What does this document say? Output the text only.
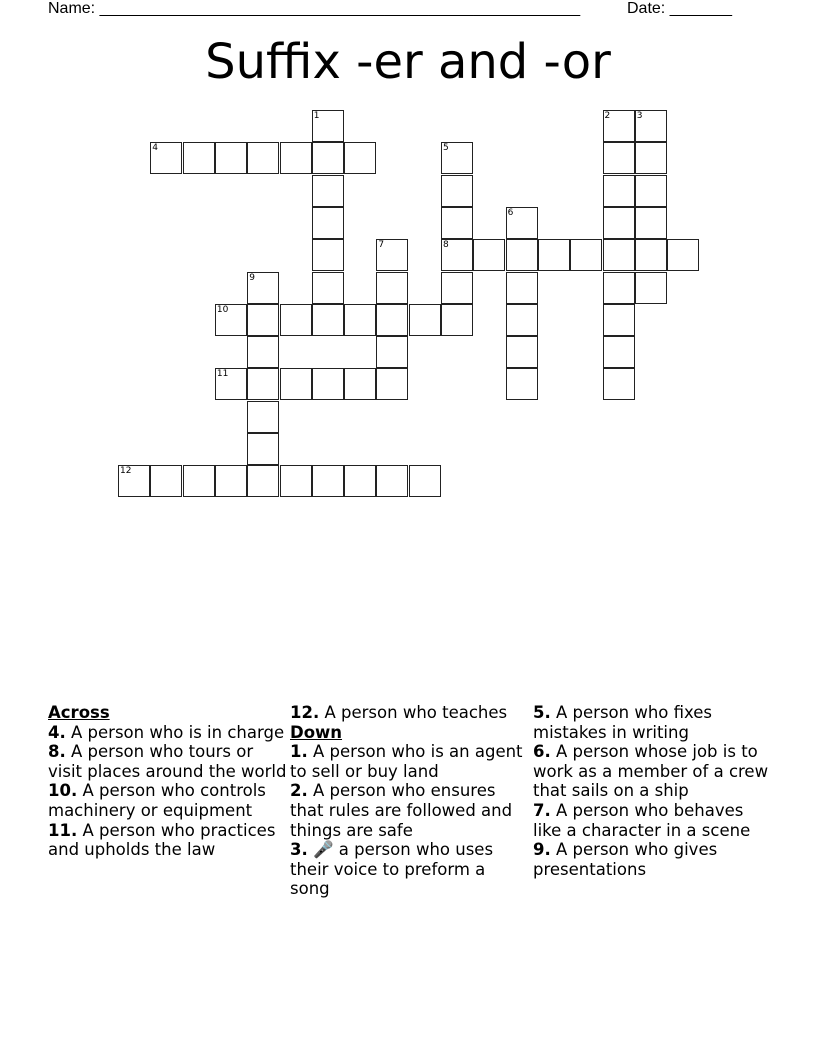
Name: ______________________________________________________	Date: _______
Suffix -er and -or
1	2	3
4	5
8
6
7
9
10
11
12
Across
4. A person who is in charge
8. A person who tours or visit places around the world
10. A person who controls machinery or equipment
11. A person who practices and upholds the law
12. A person who teaches
Down
1. A person who is an agent to sell or buy land
2. A person who ensures that rules are followed and things are safe
3. 🎤 a person who uses their voice to preform a song
5. A person who fixes mistakes in writing
6. A person whose job is to work as a member of a crew that sails on a ship
7. A person who behaves like a character in a scene
9. A person who gives presentations
